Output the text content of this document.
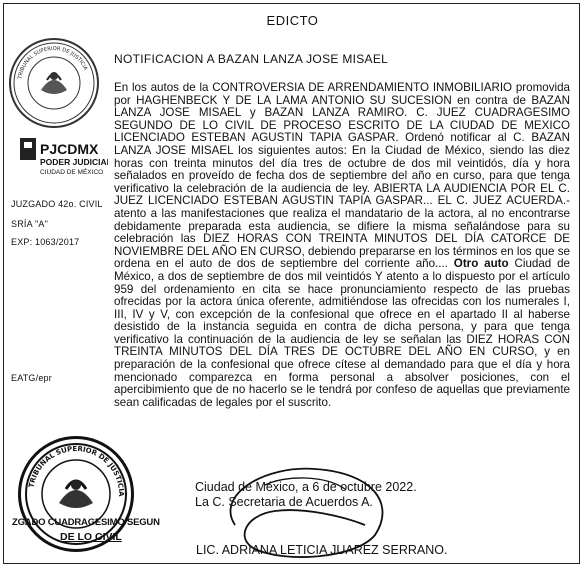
EDICTO
NOTIFICACION A BAZAN LANZA JOSE MISAEL
TRIBUNAL SUPERIOR DE JUSTICIA
PJCDMX
PODER JUDICIAL
CIUDAD DE MÉXICO
JUZGADO 42o. CIVIL
SRÍA "A"
EXP: 1063/2017
EATG/epr
En los autos de la CONTROVERSIA DE ARRENDAMIENTO INMOBILIARIO promovida por HAGHENBECK Y DE LA LAMA ANTONIO SU SUCESION en contra de BAZAN LANZA JOSE MISAEL y BAZAN LANZA RAMIRO. C. JUEZ CUADRAGESIMO SEGUNDO DE LO CIVIL DE PROCESO ESCRITO DE LA CIUDAD DE MEXICO LICENCIADO ESTEBAN AGUSTIN TAPIA GASPAR. Ordenó notificar al C. BAZAN LANZA JOSE MISAEL los siguientes autos: En la Ciudad de México, siendo las diez horas con treinta minutos del día tres de octubre de dos mil veintidós, día y hora señalados en proveído de fecha dos de septiembre del año en curso, para que tenga verificativo la celebración de la audiencia de ley. ABIERTA LA AUDIENCIA POR EL C. JUEZ LICENCIADO ESTEBAN AGUSTIN TAPIA GASPAR... EL C. JUEZ ACUERDA.- atento a las manifestaciones que realiza el mandatario de la actora, al no encontrarse debidamente preparada esta audiencia, se difiere la misma señalándose para su celebración las DIEZ HORAS CON TREINTA MINUTOS DEL DÍA CATORCE DE NOVIEMBRE DEL AÑO EN CURSO, debiendo prepararse en los términos en los que se ordena en el auto de dos de septiembre del corriente año.... Otro auto Ciudad de México, a dos de septiembre de dos mil veintidós Y atento a lo dispuesto por el artículo 959 del ordenamiento en cita se hace pronunciamiento respecto de las pruebas ofrecidas por la actora única oferente, admitiéndose las ofrecidas con los numerales I, III, IV y V, con excepción de la confesional que ofrece en el apartado II al haberse desistido de la instancia seguida en contra de dicha persona, y para que tenga verificativo la continuación de la audiencia de ley se señalan las DIEZ HORAS CON TREINTA MINUTOS DEL DÍA TRES DE OCTUBRE DEL AÑO EN CURSO, y en preparación de la confesional que ofrece cítese al demandado para que el día y hora mencionado comparezca en forma personal a absolver posiciones, con el apercibimiento que de no hacerlo se le tendrá por confeso de aquellas que previamente sean calificadas de legales por el suscrito.
TRIBUNAL SUPERIOR DE JUSTICIA
ZGADO CUADRAGESIMO SEGUN
DE LO CIVIL
Ciudad de México, a 6 de octubre 2022.
La C. Secretaria de Acuerdos A.
LIC. ADRIANA LETICIA JUAREZ SERRANO.
